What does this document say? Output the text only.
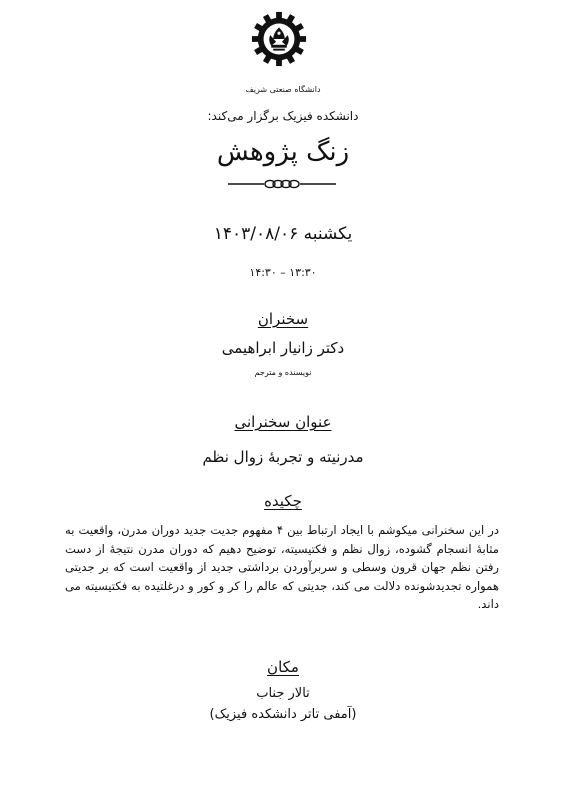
دانشگاه صنعتی شریف
دانشکده فیزیک برگزار می‌کند:
زنگ پژوهش
یکشنبه ۱۴۰۳/۰۸/۰۶
۱۳:۳۰ – ۱۴:۳۰
سخنران
دکتر زانیار ابراهیمی
نویسنده و مترجم
عنوان سخنرانی
مدرنیته و تجربهٔ زوال نظم
چکیده
در این سخنرانی میکوشم با ایجاد ارتباط بین ۴ مفهوم جدیت جدید دوران مدرن، واقعیت به مثابهٔ انسجام گشوده، زوال نظم و فکتیسیته، توضیح دهیم که دوران مدرن نتیجهٔ از دست رفتن نظم جهان قرون وسطی و سربرآوردن برداشتی جدید از واقعیت است که بر جدیتی همواره تجدیدشونده دلالت می کند، جدیتی که عالم را کر و کور و درغلتیده به فکتیسیته می داند.
مکان
تالار جناب
(آمفی تاتر دانشکده فیزیک)
